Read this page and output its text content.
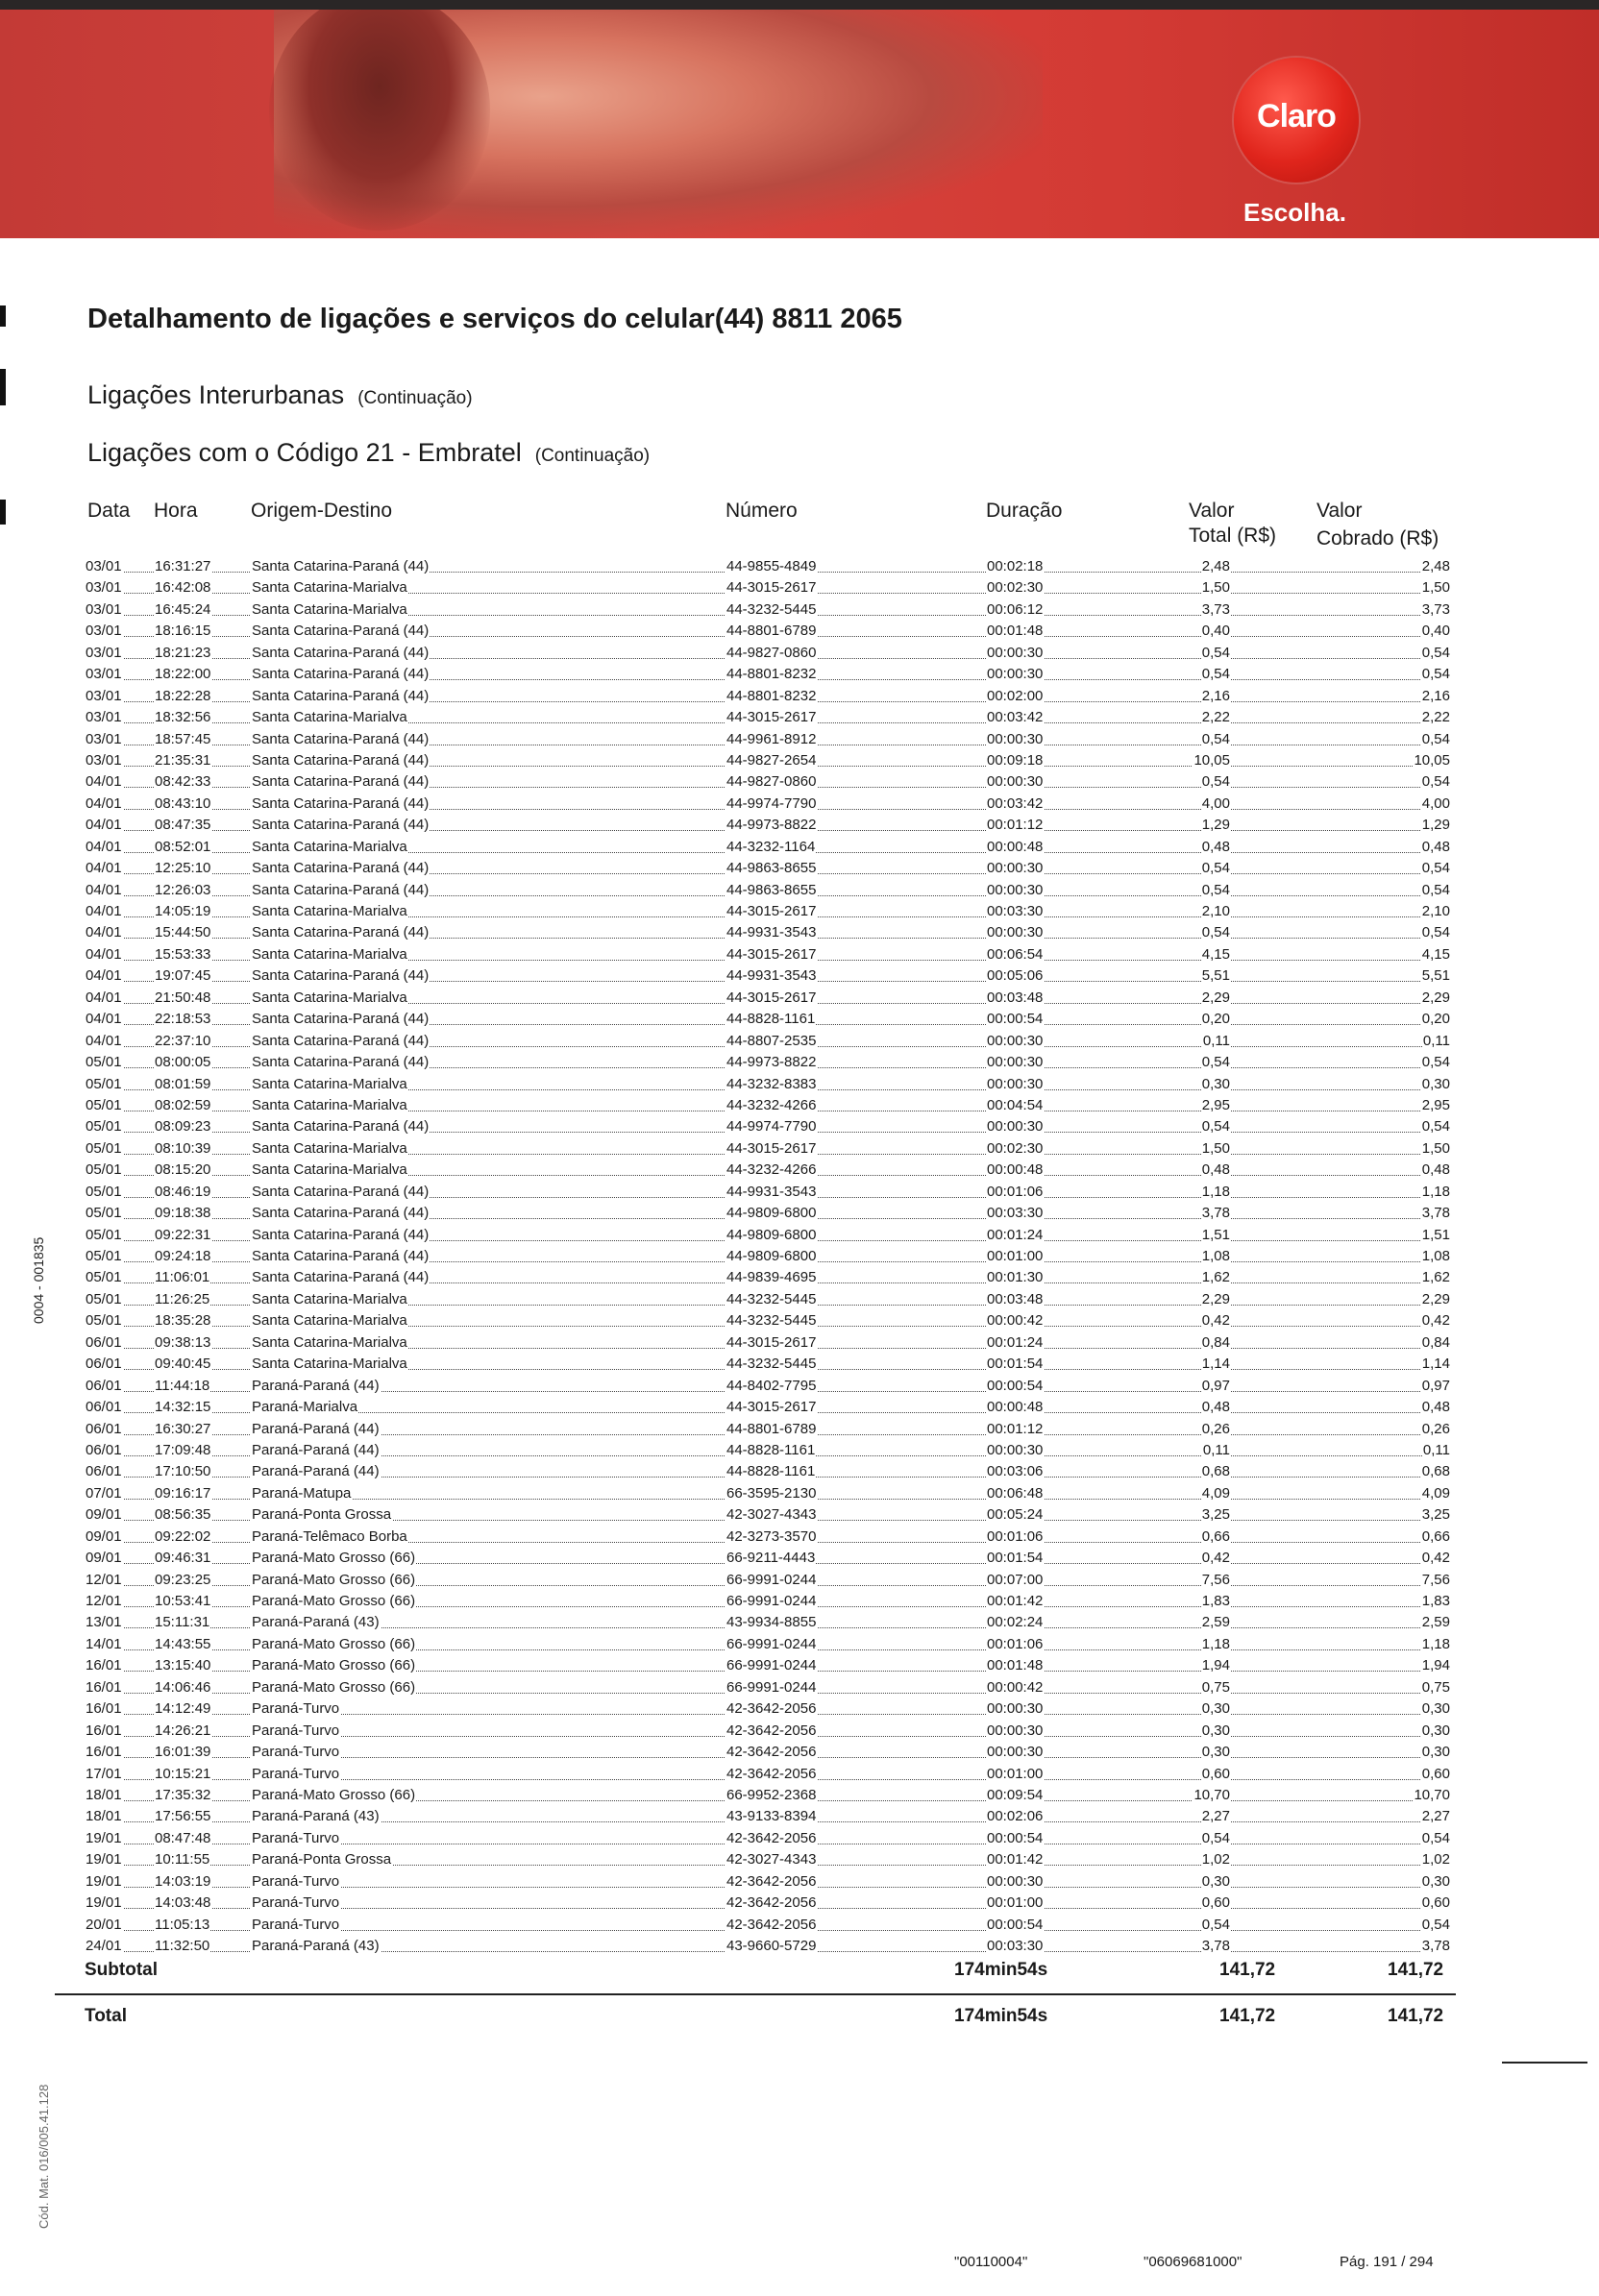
Claro
Escolha.
Detalhamento de ligações e serviços do celular(44) 8811 2065
Ligações Interurbanas (Continuação)
Ligações com o Código 21 - Embratel (Continuação)
Data Hora	Origem-Destino	Número	Duração	Valor
Total (R$)
Valor
Cobrado (R$)
03/01 16:31:27	Santa Catarina-Paraná (44)	44-9855-4849	00:02:18	2,48	2,48
03/01 16:42:08	Santa Catarina-Marialva	44-3015-2617	00:02:30	1,50	1,50
03/01 16:45:24	Santa Catarina-Marialva	44-3232-5445	00:06:12	3,73	3,73
03/01 18:16:15	Santa Catarina-Paraná (44)	44-8801-6789	00:01:48	0,40	0,40
03/01 18:21:23	Santa Catarina-Paraná (44)	44-9827-0860	00:00:30	0,54	0,54
03/01 18:22:00	Santa Catarina-Paraná (44)	44-8801-8232	00:00:30	0,54	0,54
03/01 18:22:28	Santa Catarina-Paraná (44)	44-8801-8232	00:02:00	2,16	2,16
03/01 18:32:56	Santa Catarina-Marialva	44-3015-2617	00:03:42	2,22	2,22
03/01 18:57:45	Santa Catarina-Paraná (44)	44-9961-8912	00:00:30	0,54	0,54
03/01 21:35:31	Santa Catarina-Paraná (44)	44-9827-2654	00:09:18	10,05	10,05
04/01 08:42:33	Santa Catarina-Paraná (44)	44-9827-0860	00:00:30	0,54	0,54
04/01 08:43:10	Santa Catarina-Paraná (44)	44-9974-7790	00:03:42	4,00	4,00
04/01 08:47:35	Santa Catarina-Paraná (44)	44-9973-8822	00:01:12	1,29	1,29
04/01 08:52:01	Santa Catarina-Marialva	44-3232-1164	00:00:48	0,48	0,48
04/01 12:25:10	Santa Catarina-Paraná (44)	44-9863-8655	00:00:30	0,54	0,54
04/01 12:26:03	Santa Catarina-Paraná (44)	44-9863-8655	00:00:30	0,54	0,54
04/01 14:05:19	Santa Catarina-Marialva	44-3015-2617	00:03:30	2,10	2,10
04/01 15:44:50	Santa Catarina-Paraná (44)	44-9931-3543	00:00:30	0,54	0,54
04/01 15:53:33	Santa Catarina-Marialva	44-3015-2617	00:06:54	4,15	4,15
04/01 19:07:45	Santa Catarina-Paraná (44)	44-9931-3543	00:05:06	5,51	5,51
04/01 21:50:48	Santa Catarina-Marialva	44-3015-2617	00:03:48	2,29	2,29
04/01 22:18:53	Santa Catarina-Paraná (44)	44-8828-1161	00:00:54	0,20	0,20
04/01 22:37:10	Santa Catarina-Paraná (44)	44-8807-2535	00:00:30	0,11	0,11
05/01 08:00:05	Santa Catarina-Paraná (44)	44-9973-8822	00:00:30	0,54	0,54
05/01 08:01:59	Santa Catarina-Marialva	44-3232-8383	00:00:30	0,30	0,30
05/01 08:02:59	Santa Catarina-Marialva	44-3232-4266	00:04:54	2,95	2,95
05/01 08:09:23	Santa Catarina-Paraná (44)	44-9974-7790	00:00:30	0,54	0,54
05/01 08:10:39	Santa Catarina-Marialva	44-3015-2617	00:02:30	1,50	1,50
05/01 08:15:20	Santa Catarina-Marialva	44-3232-4266	00:00:48	0,48	0,48
05/01 08:46:19	Santa Catarina-Paraná (44)	44-9931-3543	00:01:06	1,18	1,18
05/01 09:18:38	Santa Catarina-Paraná (44)	44-9809-6800	00:03:30	3,78	3,78
05/01 09:22:31	Santa Catarina-Paraná (44)	44-9809-6800	00:01:24	1,51	1,51
05/01 09:24:18	Santa Catarina-Paraná (44)	44-9809-6800	00:01:00	1,08	1,08
05/01 11:06:01	Santa Catarina-Paraná (44)	44-9839-4695	00:01:30	1,62	1,62
05/01 11:26:25	Santa Catarina-Marialva	44-3232-5445	00:03:48	2,29	2,29
05/01 18:35:28	Santa Catarina-Marialva	44-3232-5445	00:00:42	0,42	0,42
06/01 09:38:13	Santa Catarina-Marialva	44-3015-2617	00:01:24	0,84	0,84
06/01 09:40:45	Santa Catarina-Marialva	44-3232-5445	00:01:54	1,14	1,14
06/01 11:44:18	Paraná-Paraná (44)	44-8402-7795	00:00:54	0,97	0,97
06/01 14:32:15	Paraná-Marialva	44-3015-2617	00:00:48	0,48	0,48
06/01 16:30:27	Paraná-Paraná (44)	44-8801-6789	00:01:12	0,26	0,26
06/01 17:09:48	Paraná-Paraná (44)	44-8828-1161	00:00:30	0,11	0,11
06/01 17:10:50	Paraná-Paraná (44)	44-8828-1161	00:03:06	0,68	0,68
07/01 09:16:17	Paraná-Matupa	66-3595-2130	00:06:48	4,09	4,09
09/01 08:56:35	Paraná-Ponta Grossa	42-3027-4343	00:05:24	3,25	3,25
09/01 09:22:02	Paraná-Telêmaco Borba	42-3273-3570	00:01:06	0,66	0,66
09/01 09:46:31	Paraná-Mato Grosso (66)	66-9211-4443	00:01:54	0,42	0,42
12/01 09:23:25	Paraná-Mato Grosso (66)	66-9991-0244	00:07:00	7,56	7,56
12/01 10:53:41	Paraná-Mato Grosso (66)	66-9991-0244	00:01:42	1,83	1,83
13/01 15:11:31	Paraná-Paraná (43)	43-9934-8855	00:02:24	2,59	2,59
14/01 14:43:55	Paraná-Mato Grosso (66)	66-9991-0244	00:01:06	1,18	1,18
16/01 13:15:40	Paraná-Mato Grosso (66)	66-9991-0244	00:01:48	1,94	1,94
16/01 14:06:46	Paraná-Mato Grosso (66)	66-9991-0244	00:00:42	0,75	0,75
16/01 14:12:49	Paraná-Turvo	42-3642-2056	00:00:30	0,30	0,30
16/01 14:26:21	Paraná-Turvo	42-3642-2056	00:00:30	0,30	0,30
16/01 16:01:39	Paraná-Turvo	42-3642-2056	00:00:30	0,30	0,30
17/01 10:15:21	Paraná-Turvo	42-3642-2056	00:01:00	0,60	0,60
18/01 17:35:32	Paraná-Mato Grosso (66)	66-9952-2368	00:09:54	10,70	10,70
18/01 17:56:55	Paraná-Paraná (43)	43-9133-8394	00:02:06	2,27	2,27
19/01 08:47:48	Paraná-Turvo	42-3642-2056	00:00:54	0,54	0,54
19/01 10:11:55	Paraná-Ponta Grossa	42-3027-4343	00:01:42	1,02	1,02
19/01 14:03:19	Paraná-Turvo	42-3642-2056	00:00:30	0,30	0,30
19/01 14:03:48	Paraná-Turvo	42-3642-2056	00:01:00	0,60	0,60
20/01 11:05:13	Paraná-Turvo	42-3642-2056	00:00:54	0,54	0,54
24/01 11:32:50	Paraná-Paraná (43)	43-9660-5729	00:03:30	3,78	3,78
Subtotal	174min54s	141,72	141,72
Total	174min54s	141,72	141,72
0004 - 001835
Cód. Mat. 016/005.41.128
"00110004"	"06069681000"	Pág. 191 / 294
